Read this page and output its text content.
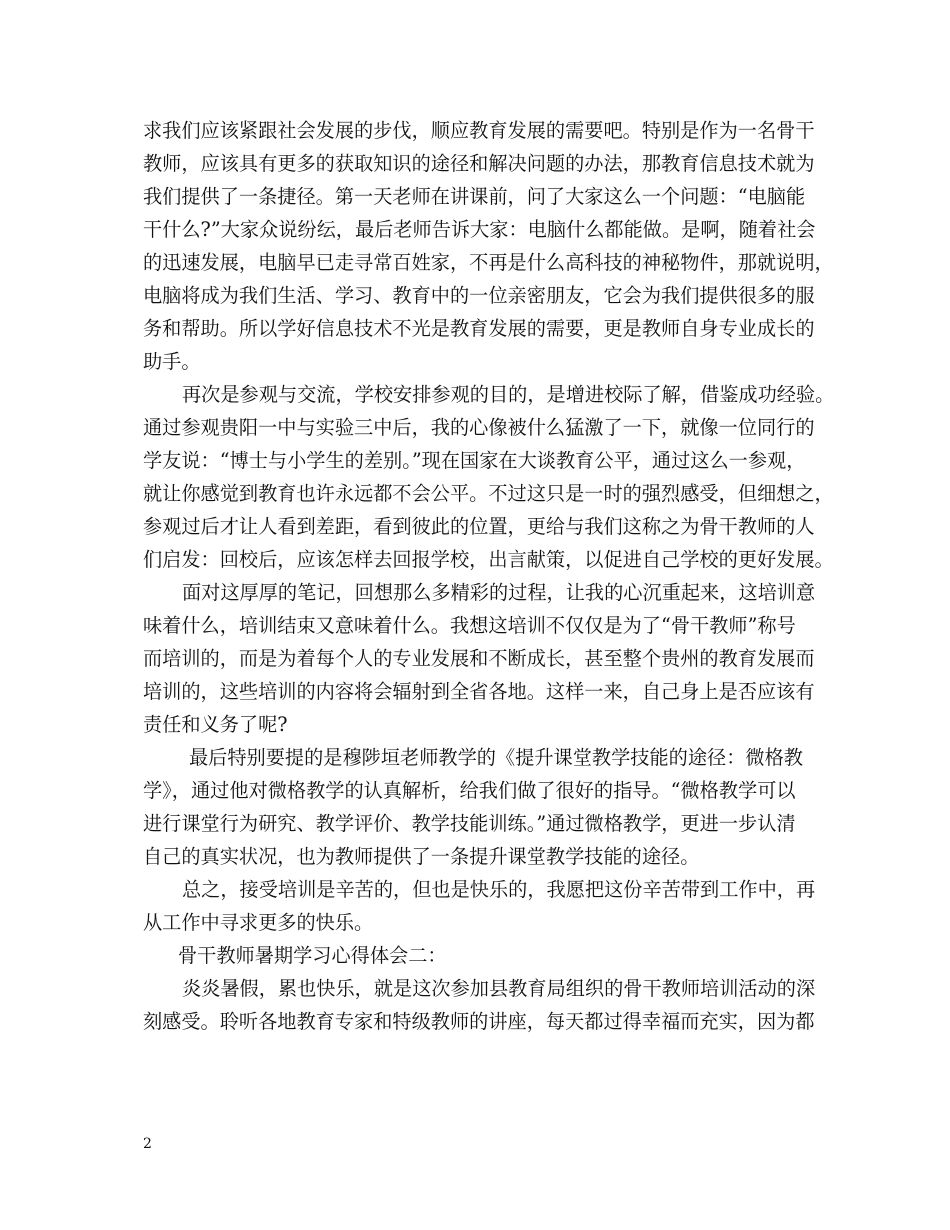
求我们应该紧跟社会发展的步伐，顺应教育发展的需要吧。特别是作为一名骨干
教师，应该具有更多的获取知识的途径和解决问题的办法，那教育信息技术就为
我们提供了一条捷径。第一天老师在讲课前，问了大家这么一个问题：“电脑能
干什么?”大家众说纷纭，最后老师告诉大家：电脑什么都能做。是啊，随着社会
的迅速发展，电脑早已走寻常百姓家，不再是什么高科技的神秘物件，那就说明，
电脑将成为我们生活、学习、教育中的一位亲密朋友，它会为我们提供很多的服
务和帮助。所以学好信息技术不光是教育发展的需要，更是教师自身专业成长的
助手。
再次是参观与交流，学校安排参观的目的，是增进校际了解，借鉴成功经验。
通过参观贵阳一中与实验三中后，我的心像被什么猛激了一下，就像一位同行的
学友说：“博士与小学生的差别。”现在国家在大谈教育公平，通过这么一参观，
就让你感觉到教育也许永远都不会公平。不过这只是一时的强烈感受，但细想之，
参观过后才让人看到差距，看到彼此的位置，更给与我们这称之为骨干教师的人
们启发：回校后，应该怎样去回报学校，出言献策，以促进自己学校的更好发展。
面对这厚厚的笔记，回想那么多精彩的过程，让我的心沉重起来，这培训意
味着什么，培训结束又意味着什么。我想这培训不仅仅是为了“骨干教师”称号
而培训的，而是为着每个人的专业发展和不断成长，甚至整个贵州的教育发展而
培训的，这些培训的内容将会辐射到全省各地。这样一来，自己身上是否应该有
责任和义务了呢?
最后特别要提的是穆陟垣老师教学的《提升课堂教学技能的途径：微格教
学》，通过他对微格教学的认真解析，给我们做了很好的指导。“微格教学可以
进行课堂行为研究、教学评价、教学技能训练。”通过微格教学，更进一步认清
自己的真实状况，也为教师提供了一条提升课堂教学技能的途径。
总之，接受培训是辛苦的，但也是快乐的，我愿把这份辛苦带到工作中，再
从工作中寻求更多的快乐。
骨干教师暑期学习心得体会二：
炎炎暑假，累也快乐，就是这次参加县教育局组织的骨干教师培训活动的深
刻感受。聆听各地教育专家和特级教师的讲座，每天都过得幸福而充实，因为都
2
